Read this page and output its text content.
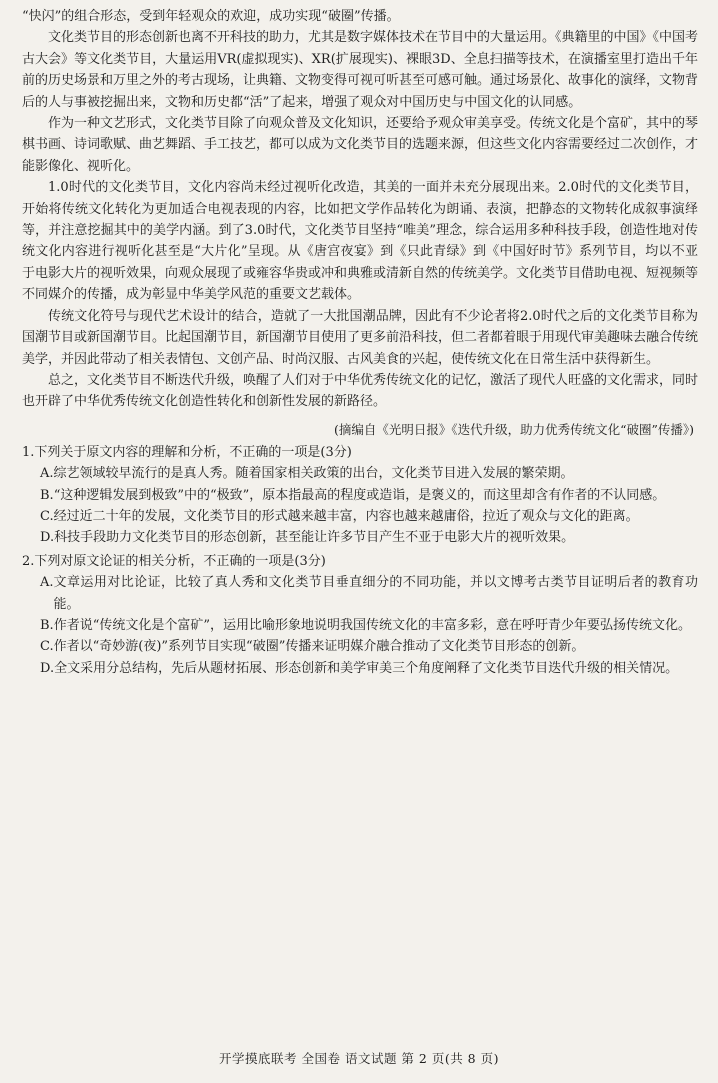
“快闪”的组合形态，受到年轻观众的欢迎，成功实现“破圈”传播。

文化类节目的形态创新也离不开科技的助力，尤其是数字媒体技术在节目中的大量运用。《典籍里的中国》《中国考古大会》等文化类节目，大量运用VR(虚拟现实)、XR(扩展现实)、裸眼3D、全息扫描等技术，在演播室里打造出千年前的历史场景和万里之外的考古现场，让典籍、文物变得可视可听甚至可感可触。通过场景化、故事化的演绎，文物背后的人与事被挖掘出来，文物和历史都“活”了起来，增强了观众对中国历史与中国文化的认同感。

作为一种文艺形式，文化类节目除了向观众普及文化知识，还要给予观众审美享受。传统文化是个富矿，其中的琴棋书画、诗词歌赋、曲艺舞蹈、手工技艺，都可以成为文化类节目的选题来源，但这些文化内容需要经过二次创作，才能影像化、视听化。

1.0时代的文化类节目，文化内容尚未经过视听化改造，其美的一面并未充分展现出来。2.0时代的文化类节目，开始将传统文化转化为更加适合电视表现的内容，比如把文学作品转化为朗诵、表演，把静态的文物转化成叙事演绎等，并注意挖掘其中的美学内涵。到了3.0时代，文化类节目坚持“唯美”理念，综合运用多种科技手段，创造性地对传统文化内容进行视听化甚至是“大片化”呈现。从《唐宫夜宴》到《只此青绿》到《中国好时节》系列节目，均以不亚于电影大片的视听效果，向观众展现了或雍容华贵或冲和典雅或清新自然的传统美学。文化类节目借助电视、短视频等不同媒介的传播，成为彰显中华美学风范的重要文艺载体。

传统文化符号与现代艺术设计的结合，造就了一大批国潮品牌，因此有不少论者将2.0时代之后的文化类节目称为国潮节目或新国潮节目。比起国潮节目，新国潮节目使用了更多前沿科技，但二者都着眼于用现代审美趣味去融合传统美学，并因此带动了相关表情包、文创产品、时尚汉服、古风美食的兴起，使传统文化在日常生活中获得新生。

总之，文化类节目不断迭代升级，唤醒了人们对于中华优秀传统文化的记忆，激活了现代人旺盛的文化需求，同时也开辟了中华优秀传统文化创造性转化和创新性发展的新路径。

(摘编自《光明日报》《迭代升级，助力优秀传统文化“破圈”传播》)

1.下列关于原文内容的理解和分析，不正确的一项是(3分)

A. 综艺领域较早流行的是真人秀。随着国家相关政策的出台，文化类节目进入发展的繁荣期。
B. “这种逻辑发展到极致”中的“极致”，原本指最高的程度或造诣，是褒义的，而这里却含有作者的不认同感。
C. 经过近二十年的发展，文化类节目的形式越来越丰富，内容也越来越庸俗，拉近了观众与文化的距离。
D. 科技手段助力文化类节目的形态创新，甚至能让许多节目产生不亚于电影大片的视听效果。

2.下列对原文论证的相关分析，不正确的一项是(3分)

A. 文章运用对比论证，比较了真人秀和文化类节目垂直细分的不同功能，并以文博考古类节目证明后者的教育功能。
B. 作者说“传统文化是个富矿”，运用比喻形象地说明我国传统文化的丰富多彩，意在呼吁青少年要弘扬传统文化。
C. 作者以“奇妙游(夜)”系列节目实现“破圈”传播来证明媒介融合推动了文化类节目形态的创新。
D. 全文采用分总结构，先后从题材拓展、形态创新和美学审美三个角度阐释了文化类节目迭代升级的相关情况。
开学摸底联考 全国卷 语文试题 第 2 页(共 8 页)
